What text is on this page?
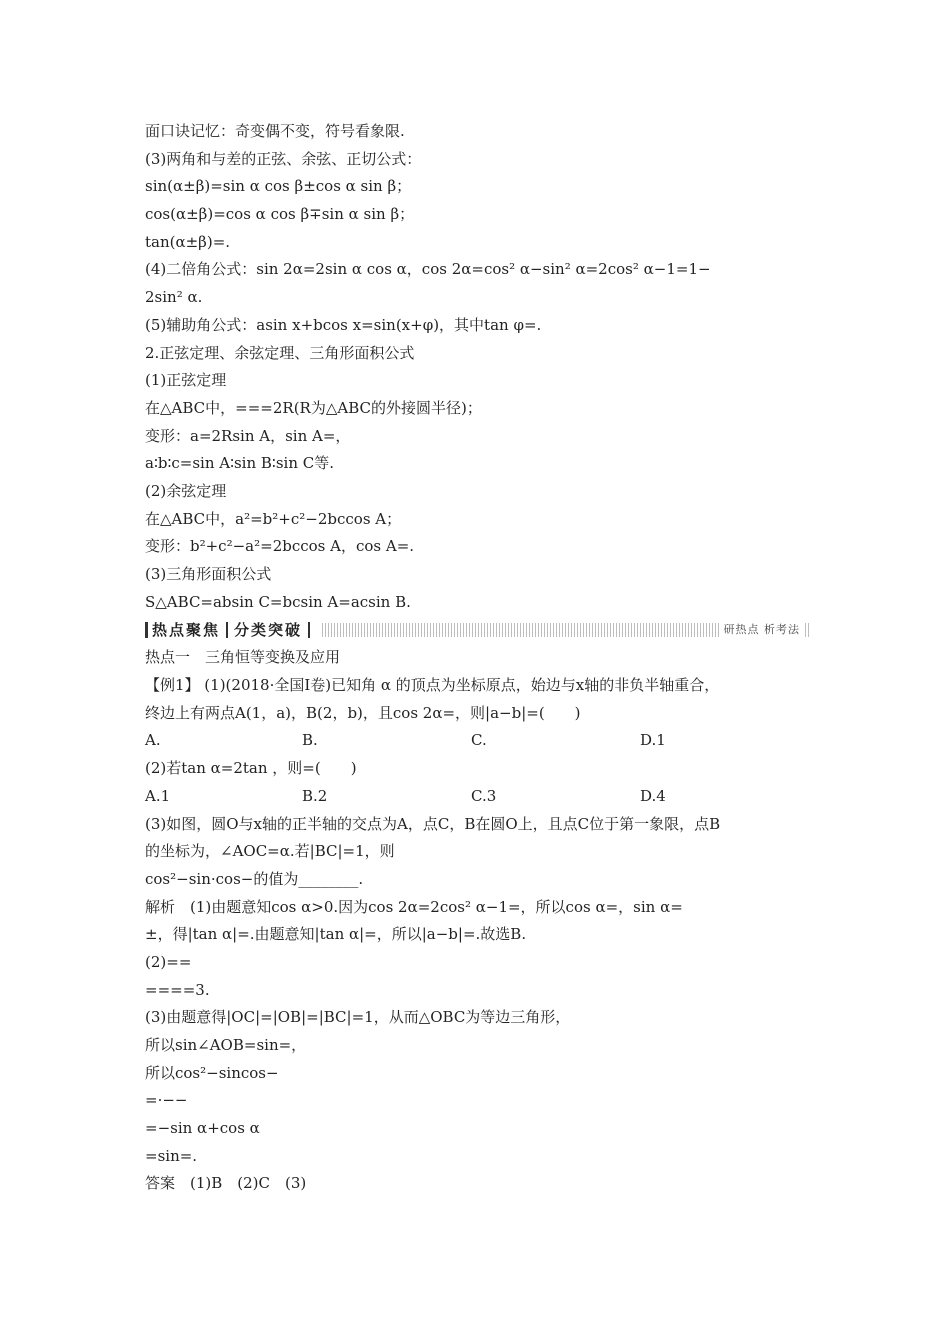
面口诀记忆：奇变偶不变，符号看象限.
(3)两角和与差的正弦、余弦、正切公式：
sin(α±β)=sin α cos β±cos α sin β；
cos(α±β)=cos α cos β∓sin α sin β；
tan(α±β)=.
(4)二倍角公式：sin 2α=2sin α cos α，cos 2α=cos² α−sin² α=2cos² α−1=1−
2sin² α.
(5)辅助角公式：asin x+bcos x=sin(x+φ)，其中tan φ=.
2.正弦定理、余弦定理、三角形面积公式
(1)正弦定理
在△ABC中，===2R(R为△ABC的外接圆半径)；
变形：a=2Rsin A，sin A=，
a∶b∶c=sin A∶sin B∶sin C等.
(2)余弦定理
在△ABC中，a²=b²+c²−2bccos A；
变形：b²+c²−a²=2bccos A，cos A=.
(3)三角形面积公式
S△ABC=absin C=bcsin A=acsin B.
热点聚焦 分类突破	研热点 析考法
热点一　三角恒等变换及应用
【例1】 (1)(2018·全国Ⅰ卷)已知角 α 的顶点为坐标原点，始边与x轴的非负半轴重合，
终边上有两点A(1，a)，B(2，b)，且cos 2α=，则|a−b|=(　　)
A.	B.	C.	D.1
(2)若tan α=2tan ，则=(　　)
A.1	B.2	C.3	D.4
(3)如图，圆O与x轴的正半轴的交点为A，点C，B在圆O上，且点C位于第一象限，点B
的坐标为，∠AOC=α.若|BC|=1，则
cos²−sin·cos−的值为________.
解析　(1)由题意知cos α>0.因为cos 2α=2cos² α−1=，所以cos α=，sin α=
±，得|tan α|=.由题意知|tan α|=，所以|a−b|=.故选B.
(2)==
====3.
(3)由题意得|OC|=|OB|=|BC|=1，从而△OBC为等边三角形，
所以sin∠AOB=sin=，
所以cos²−sincos−
=·−−
=−sin α+cos α
=sin=.
答案　(1)B　(2)C　(3)
